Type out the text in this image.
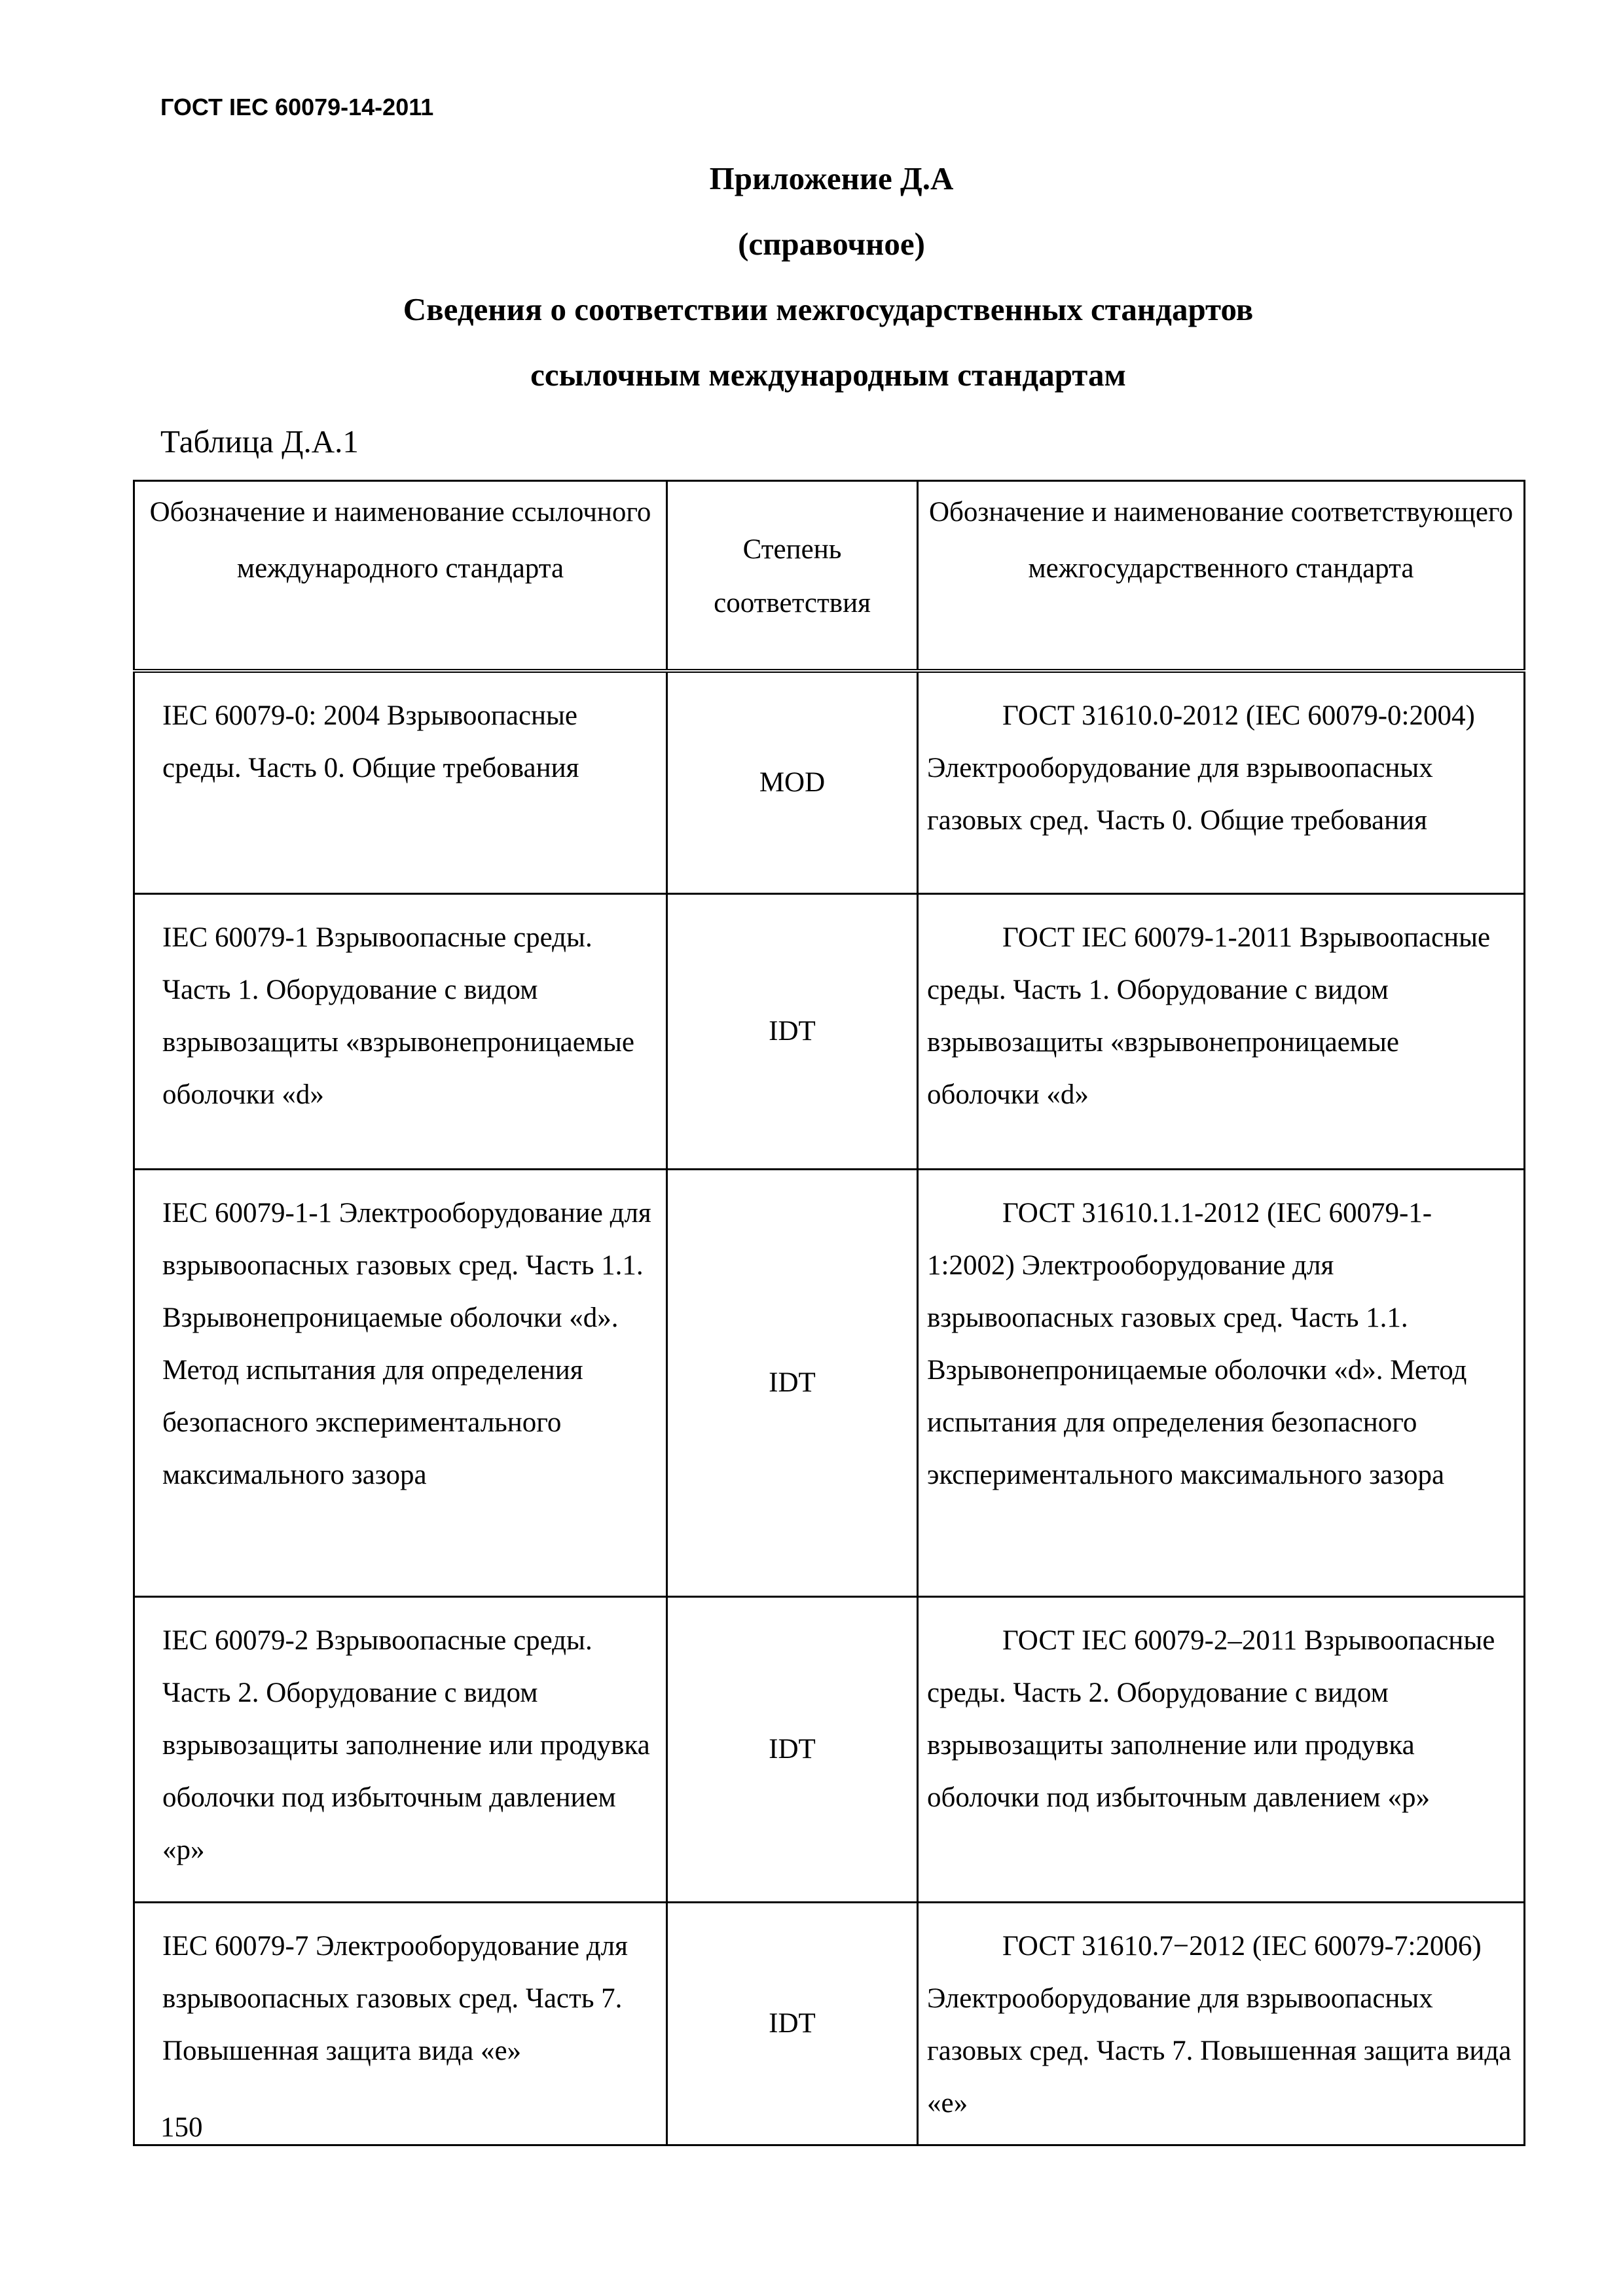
ГОСТ IEC 60079-14-2011

Приложение Д.А
(справочное)
Сведения о соответствии межгосударственных стандартов
ссылочным международным стандартам

Таблица Д.А.1

Обозначение и наименование ссылочного международного стандарта	Степень соответствия	Обозначение и наименование соответствующего межгосударственного стандарта

IEC 60079-0: 2004 Взрывоопасные среды. Часть 0. Общие требования	MOD	ГОСТ 31610.0-2012 (IEC 60079-0:2004) Электрооборудование для взрывоопасных газовых сред. Часть 0. Общие требования

IEC 60079-1 Взрывоопасные среды. Часть 1. Оборудование с видом взрывозащиты «взрывонепроницаемые оболочки «d»	IDT	ГОСТ IEC 60079-1-2011 Взрывоопасные среды. Часть 1. Оборудование с видом взрывозащиты «взрывонепроницаемые оболочки «d»

IEC 60079-1-1 Электрооборудование для взрывоопасных газовых сред. Часть 1.1. Взрывонепроницаемые оболочки «d». Метод испытания для определения безопасного экспериментального максимального зазора	IDT	ГОСТ 31610.1.1-2012 (IEC 60079-1-1:2002) Электрооборудование для взрывоопасных газовых сред. Часть 1.1. Взрывонепроницаемые оболочки «d». Метод испытания для определения безопасного экспериментального максимального зазора

IEC 60079-2 Взрывоопасные среды. Часть 2. Оборудование с видом взрывозащиты заполнение или продувка оболочки под избыточным давлением «p»	IDT	ГОСТ IEC 60079-2–2011 Взрывоопасные среды. Часть 2. Оборудование с видом взрывозащиты заполнение или продувка оболочки под избыточным давлением «p»

IEC 60079-7 Электрооборудование для взрывоопасных газовых сред. Часть 7. Повышенная защита вида «е»	IDT	ГОСТ 31610.7−2012 (IEC 60079-7:2006) Электрооборудование для взрывоопасных газовых сред. Часть 7. Повышенная защита вида «е»

150
